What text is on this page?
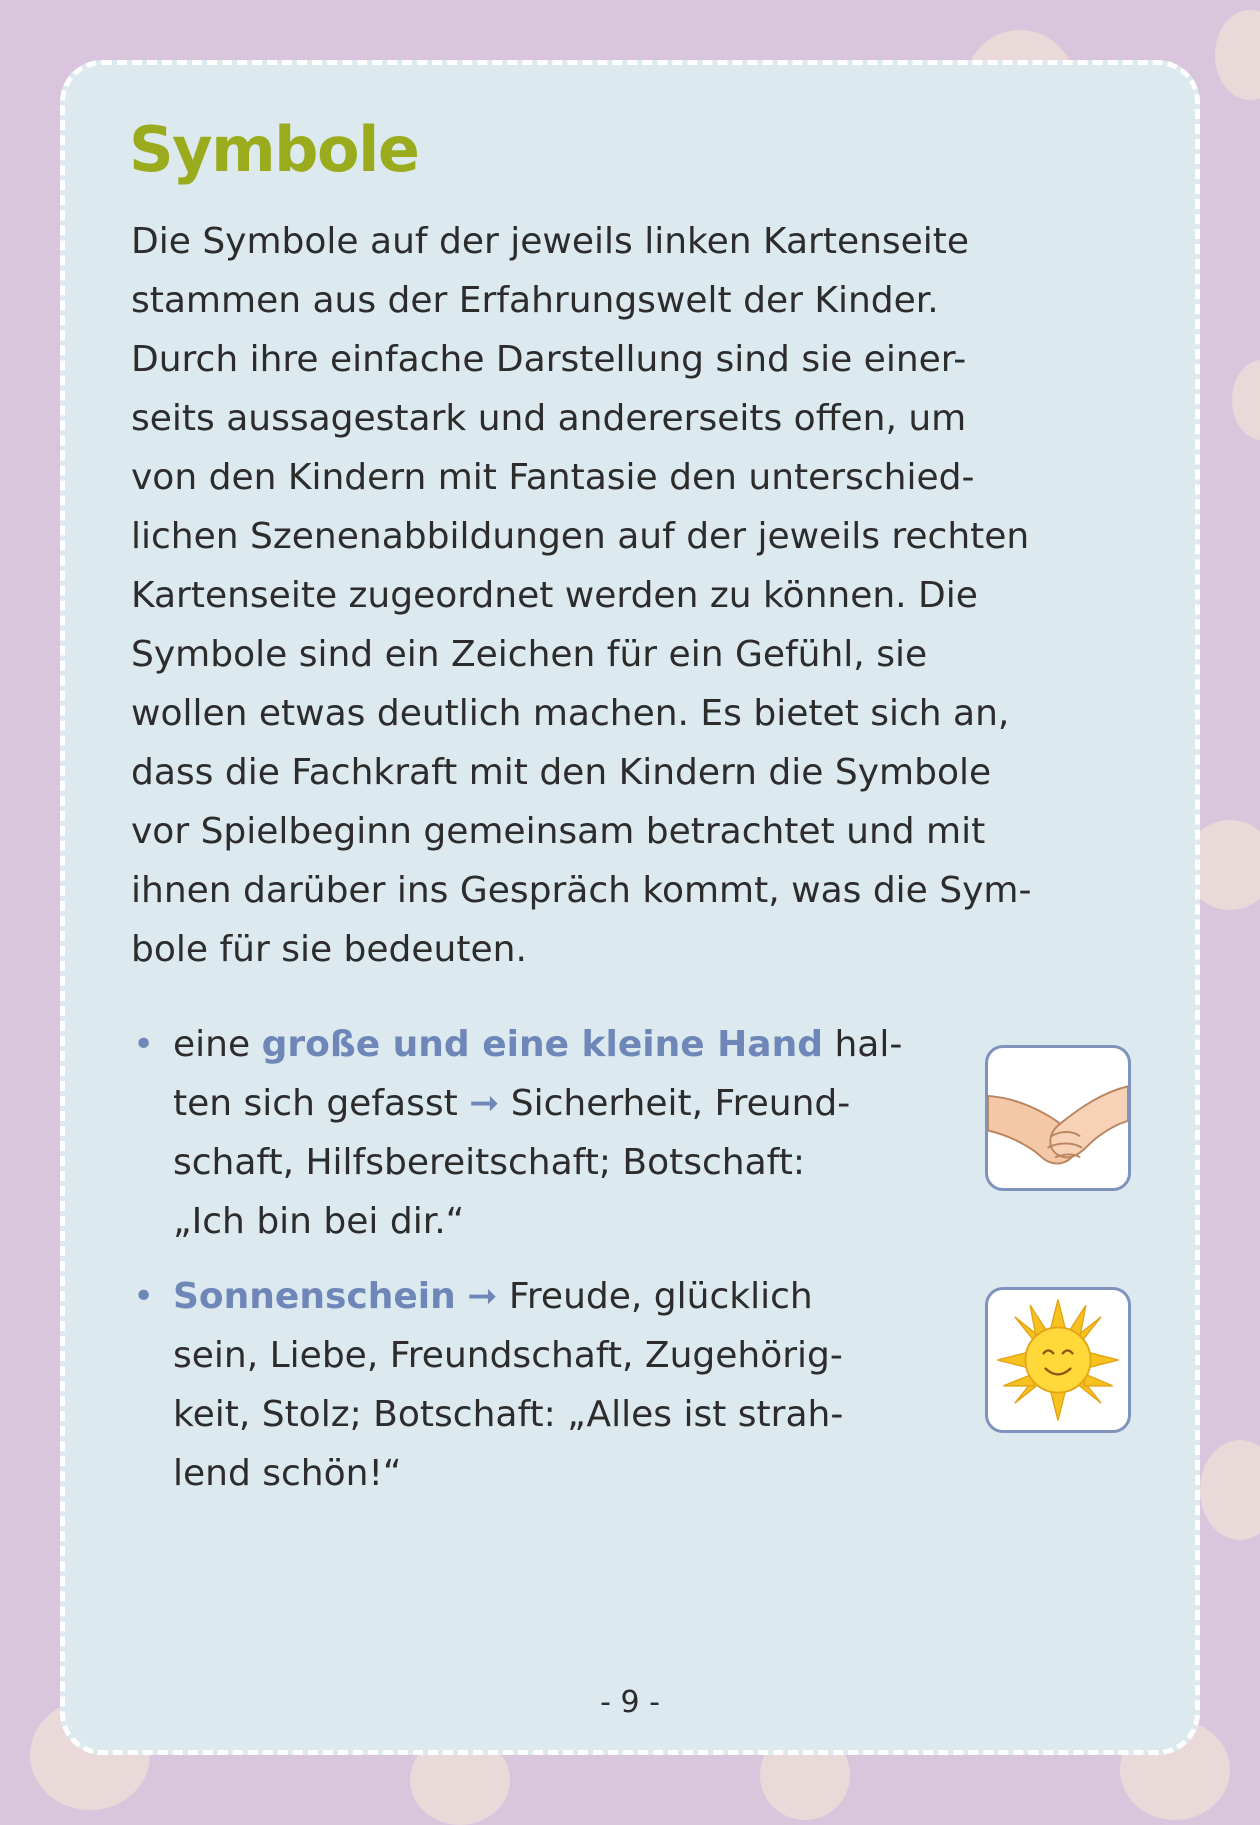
Symbole
Die Symbole auf der jeweils linken Kartenseite
stammen aus der Erfahrungswelt der Kinder.
Durch ihre einfache Darstellung sind sie einer-
seits aussagestark und andererseits offen, um
von den Kindern mit Fantasie den unterschied-
lichen Szenenabbildungen auf der jeweils rechten
Kartenseite zugeordnet werden zu können. Die
Symbole sind ein Zeichen für ein Gefühl, sie
wollen etwas deutlich machen. Es bietet sich an,
dass die Fachkraft mit den Kindern die Symbole
vor Spielbeginn gemeinsam betrachtet und mit
ihnen darüber ins Gespräch kommt, was die Sym-
bole für sie bedeuten.
• eine große und eine kleine Hand hal-
ten sich gefasst ➞ Sicherheit, Freund-
schaft, Hilfsbereitschaft; Botschaft:
„Ich bin bei dir.“
• Sonnenschein ➞ Freude, glücklich
sein, Liebe, Freundschaft, Zugehörig-
keit, Stolz; Botschaft: „Alles ist strah-
lend schön!“
- 9 -
